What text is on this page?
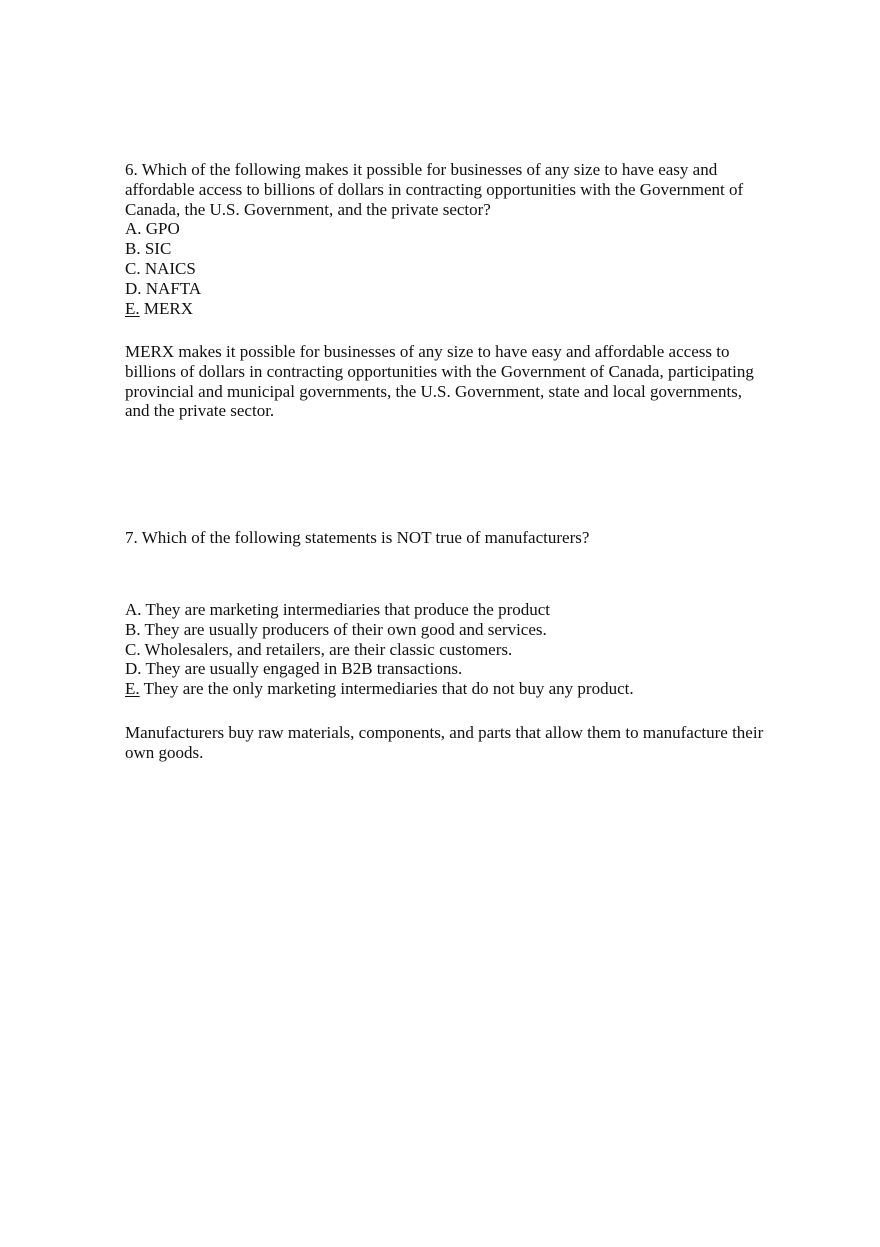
6. Which of the following makes it possible for businesses of any size to have easy and
affordable access to billions of dollars in contracting opportunities with the Government of
Canada, the U.S. Government, and the private sector?
A. GPO
B. SIC
C. NAICS
D. NAFTA
E. MERX
MERX makes it possible for businesses of any size to have easy and affordable access to
billions of dollars in contracting opportunities with the Government of Canada, participating
provincial and municipal governments, the U.S. Government, state and local governments,
and the private sector.
7. Which of the following statements is NOT true of manufacturers?
A. They are marketing intermediaries that produce the product
B. They are usually producers of their own good and services.
C. Wholesalers, and retailers, are their classic customers.
D. They are usually engaged in B2B transactions.
E. They are the only marketing intermediaries that do not buy any product.
Manufacturers buy raw materials, components, and parts that allow them to manufacture their
own goods.
